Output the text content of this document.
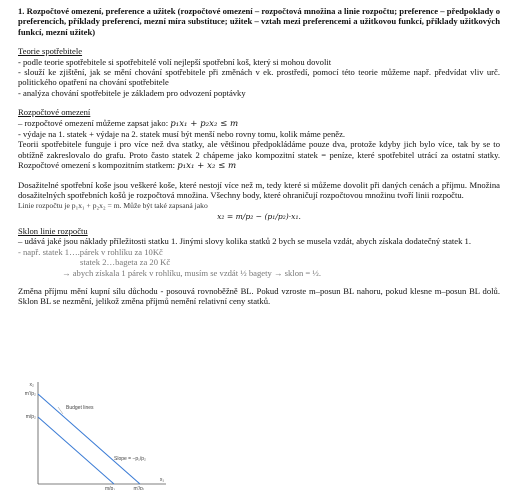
1. Rozpočtové omezení, preference a užitek (rozpočtové omezení – rozpočtová množina a linie rozpočtu; preference – předpoklady o preferencích, příklady preferencí, mezní míra substituce; užitek – vztah mezi preferencemi a užitkovou funkcí, příklady užitkových funkcí, mezní užitek)

Teorie spotřebitele

- podle teorie spotřebitele si spotřebitelé volí nejlepší spotřební koš, který si mohou dovolit

- slouží ke zjištění, jak se mění chování spotřebitele při změnách v ek. prostředí, pomocí této teorie můžeme např. předvídat vliv urč. politického opatření na chování spotřebitele

- analýza chování spotřebitele je základem pro odvození poptávky

Rozpočtové omezení

– rozpočtové omezení můžeme zapsat jako: p₁x₁ + p₂x₂ ≤ m

- výdaje na 1. statek + výdaje na 2. statek musí být menší nebo rovny tomu, kolik máme peněz.

Teorii spotřebitele funguje i pro více než dva statky, ale většinou předpokládáme pouze dva, protože kdyby jich bylo více, tak by se to obtížně zakreslovalo do grafu. Proto často statek 2 chápeme jako kompozitní statek = peníze, které spotřebitel utrácí za ostatní statky. Rozpočtové omezení s kompozitním statkem: p₁x₁ + x₂ ≤ m

Dosažitelné spotřební koše jsou veškeré koše, které nestojí více než m, tedy které si můžeme dovolit při daných cenách a příjmu. Množina dosažitelných spotřebních košů je rozpočtová množina. Všechny body, které ohraničují rozpočtovou množinu tvoří linii rozpočtu.

Linie rozpočtu je p₁x₁ + p₂x₂ = m. Může být také zapsaná jako

x₂ = m/p₂ − (p₁/p₂)·x₁.

Sklon linie rozpočtu

– udává jaké jsou náklady příležitosti statku 1. Jinými slovy kolika statků 2 bych se musela vzdát, abych získala dodatečný statek 1.

- např. statek 1….párek v rohlíku za 10Kč

statek 2…bageta za 20 Kč

→ abych získala 1 párek v rohlíku, musím se vzdát ½ bagety → sklon = ½.

Změna příjmu mění kupní sílu důchodu - posouvá rovnoběžně BL. Pokud vzroste m–posun BL nahoru, pokud klesne m–posun BL dolů. Sklon BL se nezmění, jelikož změna příjmů nemění relativní ceny statků.

x₂
x₁
m'/p₂
m/p₂
Budget lines
Slope = −p₁/p₂
m/p₁	m'/p₁
